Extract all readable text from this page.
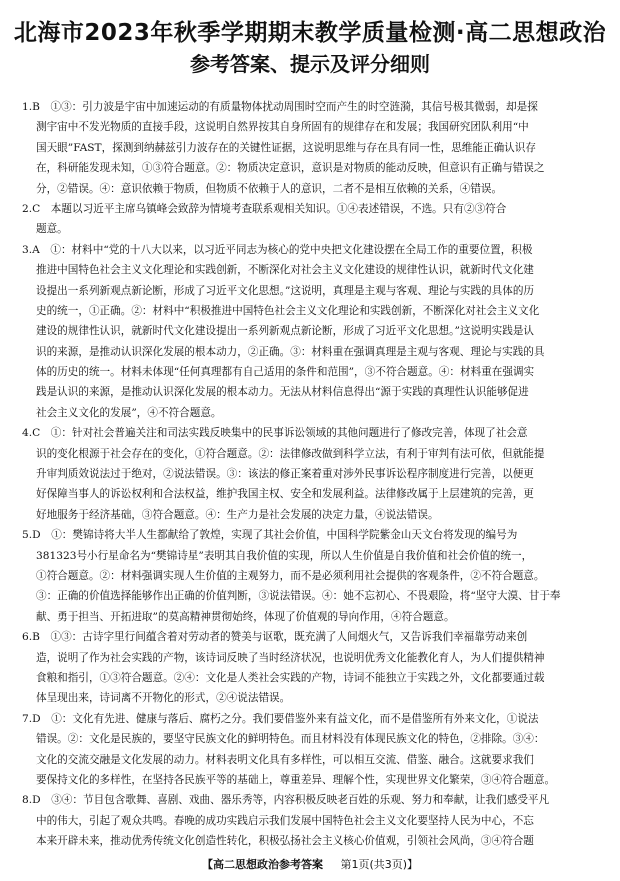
北海市2023年秋季学期期末教学质量检测·高二思想政治
参考答案、提示及评分细则
1.B　①③：引力波是宇宙中加速运动的有质量物体扰动周围时空而产生的时空涟漪，其信号极其微弱，却是探
测宇宙中不发光物质的直接手段，这说明自然界按其自身所固有的规律存在和发展；我国研究团队利用“中
国天眼”FAST，探测到纳赫兹引力波存在的关键性证据，这说明思维与存在具有同一性，思维能正确认识存
在，科研能发现未知，①③符合题意。②：物质决定意识，意识是对物质的能动反映，但意识有正确与错误之
分，②错误。④：意识依赖于物质，但物质不依赖于人的意识，二者不是相互依赖的关系，④错误。
2.C　本题以习近平主席乌镇峰会致辞为情境考查联系观相关知识。①④表述错误，不选。只有②③符合
题意。
3.A　①：材料中“党的十八大以来，以习近平同志为核心的党中央把文化建设摆在全局工作的重要位置，积极
推进中国特色社会主义文化理论和实践创新，不断深化对社会主义文化建设的规律性认识，就新时代文化建
设提出一系列新观点新论断，形成了习近平文化思想。”这说明，真理是主观与客观、理论与实践的具体的历
史的统一，①正确。②：材料中“积极推进中国特色社会主义文化理论和实践创新，不断深化对社会主义文化
建设的规律性认识，就新时代文化建设提出一系列新观点新论断，形成了习近平文化思想。”这说明实践是认
识的来源，是推动认识深化发展的根本动力，②正确。③：材料重在强调真理是主观与客观、理论与实践的具
体的历史的统一。材料未体现“任何真理都有自己适用的条件和范围”，③不符合题意。④：材料重在强调实
践是认识的来源，是推动认识深化发展的根本动力。无法从材料信息得出“源于实践的真理性认识能够促进
社会主义文化的发展”，④不符合题意。
4.C　①：针对社会普遍关注和司法实践反映集中的民事诉讼领域的其他问题进行了修改完善，体现了社会意
识的变化根源于社会存在的变化，①符合题意。②：法律修改做到科学立法，有利于审判有法可依，但就能提
升审判质效说法过于绝对，②说法错误。③：该法的修正案着重对涉外民事诉讼程序制度进行完善，以便更
好保障当事人的诉讼权利和合法权益，维护我国主权、安全和发展利益。法律修改属于上层建筑的完善，更
好地服务于经济基础，③符合题意。④：生产力是社会发展的决定力量，④说法错误。
5.D　①：樊锦诗将大半人生都献给了敦煌，实现了其社会价值，中国科学院紫金山天文台将发现的编号为
381323号小行星命名为“樊锦诗星”表明其自我价值的实现，所以人生价值是自我价值和社会价值的统一，
①符合题意。②：材料强调实现人生价值的主观努力，而不是必须利用社会提供的客观条件，②不符合题意。
③：正确的价值选择能够作出正确的价值判断，③说法错误。④：她不忘初心、不畏艰险，将“坚守大漠、甘于奉
献、勇于担当、开拓进取”的莫高精神贯彻始终，体现了价值观的导向作用，④符合题意。
6.B　①③：古诗字里行间蕴含着对劳动者的赞美与讴歌，既充满了人间烟火气，又告诉我们幸福靠劳动来创
造，说明了作为社会实践的产物，该诗词反映了当时经济状况，也说明优秀文化能教化育人，为人们提供精神
食粮和指引，①③符合题意。②④：文化是人类社会实践的产物，诗词不能独立于实践之外，文化都要通过载
体呈现出来，诗词离不开物化的形式，②④说法错误。
7.D　①：文化有先进、健康与落后、腐朽之分。我们要借鉴外来有益文化，而不是借鉴所有外来文化，①说法
错误。②：文化是民族的，要坚守民族文化的鲜明特色。而且材料没有体现民族文化的特色，②排除。③④：
文化的交流交融是文化发展的动力。材料表明文化具有多样性，可以相互交流、借鉴、融合。这就要求我们
要保持文化的多样性，在坚持各民族平等的基础上，尊重差异、理解个性，实现世界文化繁荣，③④符合题意。
8.D　③④：节目包含歌舞、喜剧、戏曲、器乐秀等，内容积极反映老百姓的乐观、努力和奉献，让我们感受平凡
中的伟大，引起了观众共鸣。春晚的成功实践启示我们发展中国特色社会主义文化要坚持人民为中心，不忘
本来开辟未来，推动优秀传统文化创造性转化，积极弘扬社会主义核心价值观，引领社会风尚，③④符合题
【高二思想政治参考答案 第1页(共3页)】
